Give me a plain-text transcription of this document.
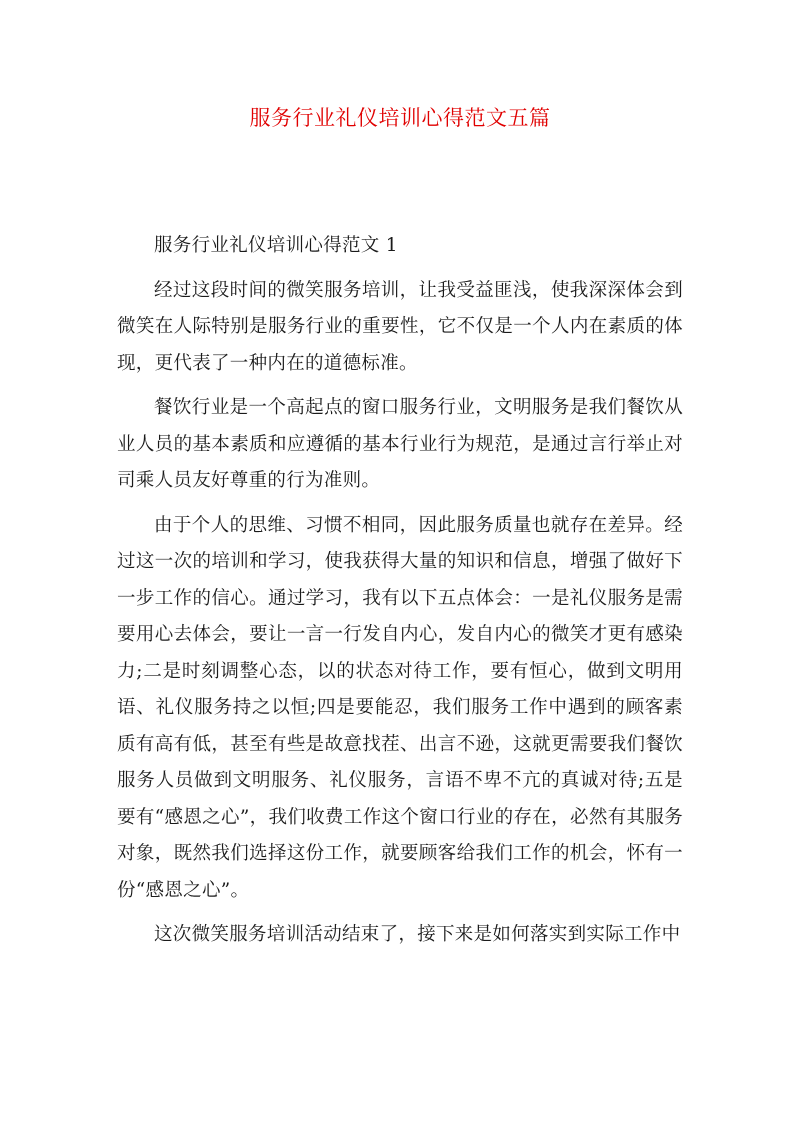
服务行业礼仪培训心得范文五篇

服务行业礼仪培训心得范文 1

经过这段时间的微笑服务培训，让我受益匪浅，使我深深体会到微笑在人际特别是服务行业的重要性，它不仅是一个人内在素质的体现，更代表了一种内在的道德标准。

餐饮行业是一个高起点的窗口服务行业，文明服务是我们餐饮从业人员的基本素质和应遵循的基本行业行为规范，是通过言行举止对司乘人员友好尊重的行为准则。

由于个人的思维、习惯不相同，因此服务质量也就存在差异。经过这一次的培训和学习，使我获得大量的知识和信息，增强了做好下一步工作的信心。通过学习，我有以下五点体会：一是礼仪服务是需要用心去体会，要让一言一行发自内心，发自内心的微笑才更有感染力;二是时刻调整心态，以的状态对待工作，要有恒心，做到文明用语、礼仪服务持之以恒;四是要能忍，我们服务工作中遇到的顾客素质有高有低，甚至有些是故意找茬、出言不逊，这就更需要我们餐饮服务人员做到文明服务、礼仪服务，言语不卑不亢的真诚对待;五是要有“感恩之心”，我们收费工作这个窗口行业的存在，必然有其服务对象，既然我们选择这份工作，就要顾客给我们工作的机会，怀有一份“感恩之心”。

这次微笑服务培训活动结束了，接下来是如何落实到实际工作中
